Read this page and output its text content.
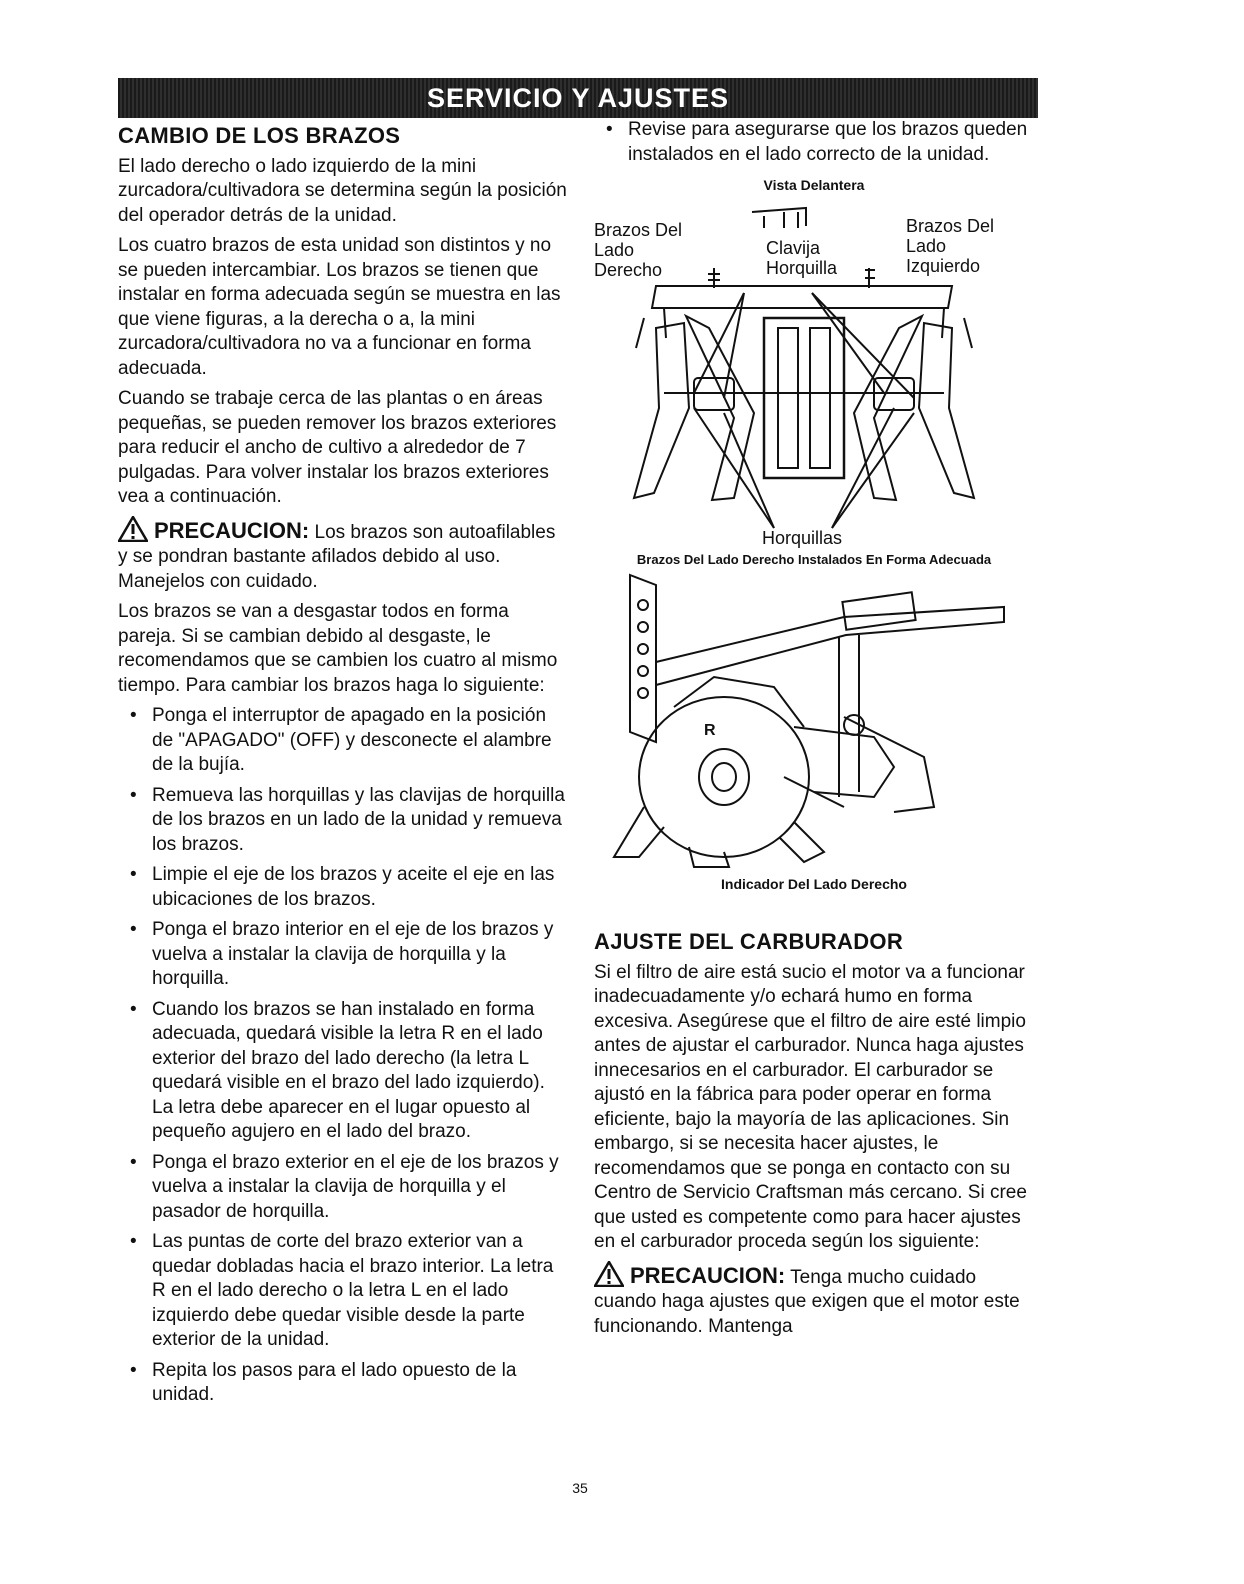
SERVICIO Y AJUSTES
CAMBIO DE LOS BRAZOS

El lado derecho o lado izquierdo de la mini zurcadora/cultivadora se determina según la posición del operador detrás de la unidad.

Los cuatro brazos de esta unidad son distintos y no se pueden intercambiar. Los brazos se tienen que instalar en forma adecuada según se muestra en las que viene figuras, a la derecha o a, la mini zurcadora/cultivadora no va a funcionar en forma adecuada.

Cuando se trabaje cerca de las plantas o en áreas pequeñas, se pueden remover los brazos exteriores para reducir el ancho de cultivo a alrededor de 7 pulgadas. Para volver instalar los brazos exteriores vea a continuación.

PRECAUCION: Los brazos son autoafilables y se pondran bastante afilados debido al uso. Manejelos con cuidado.

Los brazos se van a desgastar todos en forma pareja. Si se cambian debido al desgaste, le recomendamos que se cambien los cuatro al mismo tiempo. Para cambiar los brazos haga lo siguiente:

• Ponga el interruptor de apagado en la posición de "APAGADO" (OFF) y desconecte el alambre de la bujía.
• Remueva las horquillas y las clavijas de horquilla de los brazos en un lado de la unidad y remueva los brazos.
• Limpie el eje de los brazos y aceite el eje en las ubicaciones de los brazos.
• Ponga el brazo interior en el eje de los brazos y vuelva a instalar la clavija de horquilla y la horquilla.
• Cuando los brazos se han instalado en forma adecuada, quedará visible la letra R en el lado exterior del brazo del lado derecho (la letra L quedará visible en el brazo del lado izquierdo). La letra debe aparecer en el lugar opuesto al pequeño agujero en el lado del brazo.
• Ponga el brazo exterior en el eje de los brazos y vuelva a instalar la clavija de horquilla y el pasador de horquilla.
• Las puntas de corte del brazo exterior van a quedar dobladas hacia el brazo interior. La letra R en el lado derecho o la letra L en el lado izquierdo debe quedar visible desde la parte exterior de la unidad.
• Repita los pasos para el lado opuesto de la unidad.
• Revise para asegurarse que los brazos queden instalados en el lado correcto de la unidad.
Vista Delantera
Brazos Del Lado Derecho
Brazos Del Lado Izquierdo
Clavija
Horquilla
Horquillas
Brazos Del Lado Derecho Instalados En Forma Adecuada
R
Indicador Del Lado Derecho
AJUSTE DEL CARBURADOR

Si el filtro de aire está sucio el motor va a funcionar inadecuadamente y/o echará humo en forma excesiva. Asegúrese que el filtro de aire esté limpio antes de ajustar el carburador. Nunca haga ajustes innecesarios en el carburador. El carburador se ajustó en la fábrica para poder operar en forma eficiente, bajo la mayoría de las aplicaciones. Sin embargo, si se necesita hacer ajustes, le recomendamos que se ponga en contacto con su Centro de Servicio Craftsman más cercano. Si cree que usted es competente como para hacer ajustes en el carburador proceda según los siguiente:

PRECAUCION: Tenga mucho cuidado cuando haga ajustes que exigen que el motor este funcionando. Mantenga

35
